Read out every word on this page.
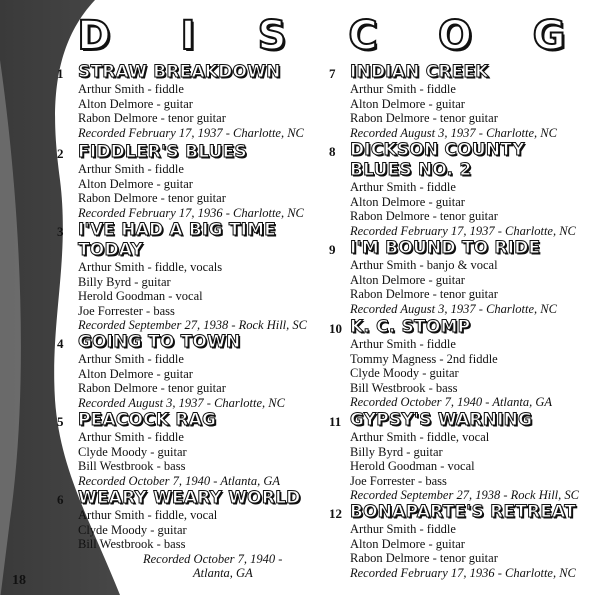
D	I	S C O G
1 STRAW BREAKDOWN
Arthur Smith - fiddle
Alton Delmore - guitar
Rabon Delmore - tenor guitar
Recorded February 17, 1937 - Charlotte, NC
2 FIDDLER'S BLUES
Arthur Smith - fiddle
Alton Delmore - guitar
Rabon Delmore - tenor guitar
Recorded February 17, 1936 - Charlotte, NC
3 I'VE HAD A BIG TIME
TODAY
Arthur Smith - fiddle, vocals
Billy Byrd - guitar
Herold Goodman - vocal
Joe Forrester - bass
Recorded September 27, 1938 - Rock Hill, SC
4 GOING TO TOWN
Arthur Smith - fiddle
Alton Delmore - guitar
Rabon Delmore - tenor guitar
Recorded August 3, 1937 - Charlotte, NC
5 PEACOCK RAG
Arthur Smith - fiddle
Clyde Moody - guitar
Bill Westbrook - bass
Recorded October 7, 1940 - Atlanta, GA
6 WEARY WEARY WORLD
Arthur Smith - fiddle, vocal
Clyde Moody - guitar
Bill Westbrook - bass
Recorded October 7, 1940 -
Atlanta, GA
7 INDIAN CREEK
Arthur Smith - fiddle
Alton Delmore - guitar
Rabon Delmore - tenor guitar
Recorded August 3, 1937 - Charlotte, NC
8 DICKSON COUNTY
BLUES NO. 2
Arthur Smith - fiddle
Alton Delmore - guitar
Rabon Delmore - tenor guitar
Recorded February 17, 1937 - Charlotte, NC
9 I'M BOUND TO RIDE
Arthur Smith - banjo & vocal
Alton Delmore - guitar
Rabon Delmore - tenor guitar
Recorded August 3, 1937 - Charlotte, NC
10 K. C. STOMP
Arthur Smith - fiddle
Tommy Magness - 2nd fiddle
Clyde Moody - guitar
Bill Westbrook - bass
Recorded October 7, 1940 - Atlanta, GA
11 GYPSY'S WARNING
Arthur Smith - fiddle, vocal
Billy Byrd - guitar
Herold Goodman - vocal
Joe Forrester - bass
Recorded September 27, 1938 - Rock Hill, SC
12 BONAPARTE'S RETREAT
Arthur Smith - fiddle
Alton Delmore - guitar
Rabon Delmore - tenor guitar
Recorded February 17, 1936 - Charlotte, NC
18
